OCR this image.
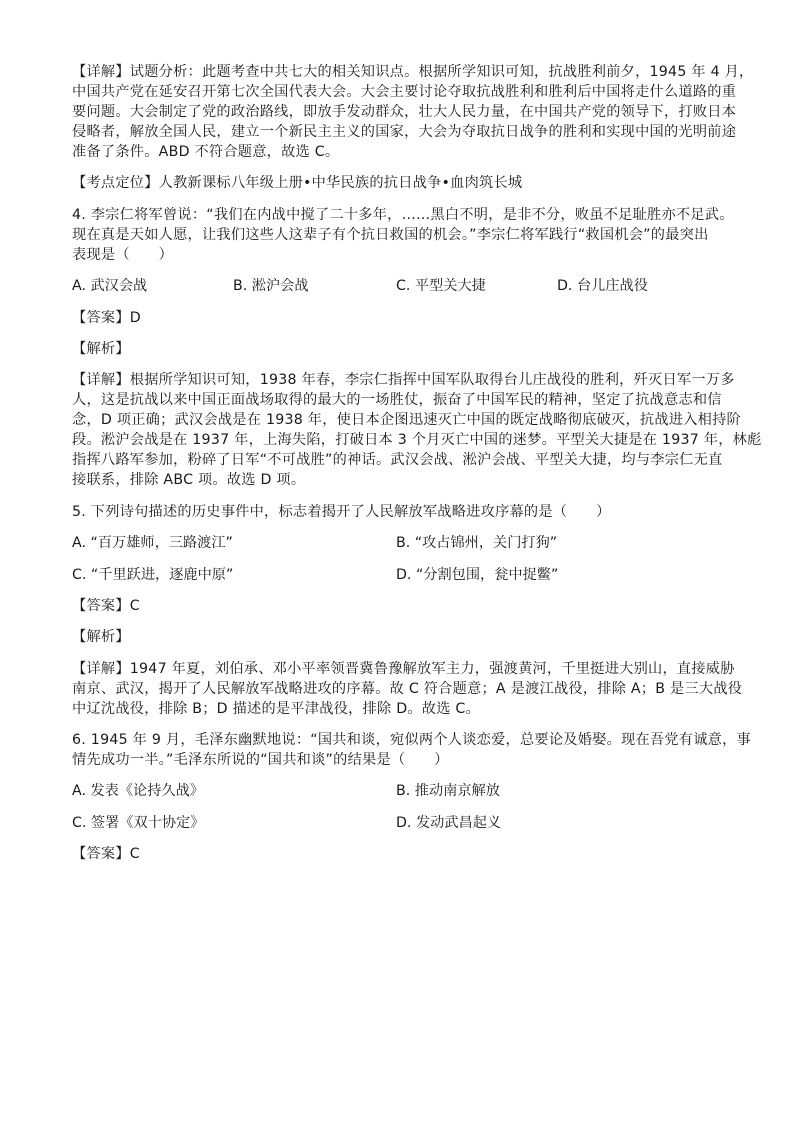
【详解】试题分析：此题考查中共七大的相关知识点。根据所学知识可知，抗战胜利前夕，1945 年 4 月，
中国共产党在延安召开第七次全国代表大会。大会主要讨论夺取抗战胜利和胜利后中国将走什么道路的重
要问题。大会制定了党的政治路线，即放手发动群众，壮大人民力量，在中国共产党的领导下，打败日本
侵略者，解放全国人民，建立一个新民主主义的国家，大会为夺取抗日战争的胜利和实现中国的光明前途
准备了条件。ABD 不符合题意，故选 C。
【考点定位】人教新课标八年级上册•中华民族的抗日战争•血肉筑长城
4. 李宗仁将军曾说：“我们在内战中搅了二十多年，……黑白不明，是非不分，败虽不足耻胜亦不足武。
现在真是天如人愿，让我们这些人这辈子有个抗日救国的机会。”李宗仁将军践行“救国机会”的最突出
表现是（　　）
A. 武汉会战	B. 淞沪会战	C. 平型关大捷	D. 台儿庄战役
【答案】D
【解析】
【详解】根据所学知识可知，1938 年春，李宗仁指挥中国军队取得台儿庄战役的胜利，歼灭日军一万多
人，这是抗战以来中国正面战场取得的最大的一场胜仗，振奋了中国军民的精神，坚定了抗战意志和信
念，D 项正确；武汉会战是在 1938 年，使日本企图迅速灭亡中国的既定战略彻底破灭，抗战进入相持阶
段。淞沪会战是在 1937 年，上海失陷，打破日本 3 个月灭亡中国的迷梦。平型关大捷是在 1937 年，林彪
指挥八路军参加，粉碎了日军“不可战胜”的神话。武汉会战、淞沪会战、平型关大捷，均与李宗仁无直
接联系，排除 ABC 项。故选 D 项。
5. 下列诗句描述的历史事件中，标志着揭开了人民解放军战略进攻序幕的是（　　）
A. “百万雄师，三路渡江”	B. “攻占锦州，关门打狗”
C. “千里跃进，逐鹿中原”	D. “分割包围，瓮中捉鳖”
【答案】C
【解析】
【详解】1947 年夏，刘伯承、邓小平率领晋冀鲁豫解放军主力，强渡黄河，千里挺进大别山，直接威胁
南京、武汉，揭开了人民解放军战略进攻的序幕。故 C 符合题意；A 是渡江战役，排除 A；B 是三大战役
中辽沈战役，排除 B；D 描述的是平津战役，排除 D。故选 C。
6. 1945 年 9 月，毛泽东幽默地说：“国共和谈，宛似两个人谈恋爱，总要论及婚娶。现在吾党有诚意，事
情先成功一半。”毛泽东所说的“国共和谈”的结果是（　　）
A. 发表《论持久战》	B. 推动南京解放
C. 签署《双十协定》	D. 发动武昌起义
【答案】C
